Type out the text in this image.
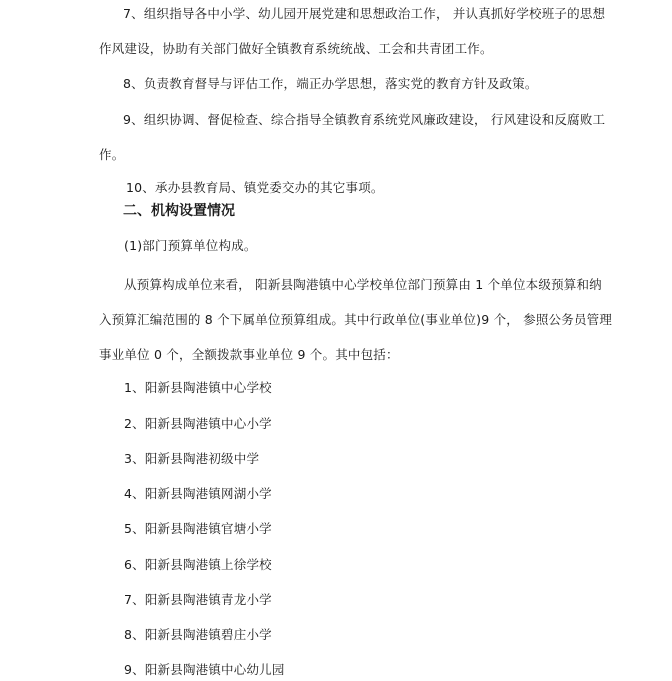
7、组织指导各中小学、幼儿园开展党建和思想政治工作， 并认真抓好学校班子的思想
作风建设，协助有关部门做好全镇教育系统统战、工会和共青团工作。
8、负责教育督导与评估工作，端正办学思想，落实党的教育方针及政策。
9、组织协调、督促检查、综合指导全镇教育系统党风廉政建设， 行风建设和反腐败工
作。
10、承办县教育局、镇党委交办的其它事项。
二、机构设置情况
(1)部门预算单位构成。
从预算构成单位来看， 阳新县陶港镇中心学校单位部门预算由 1 个单位本级预算和纳
入预算汇编范围的 8 个下属单位预算组成。其中行政单位(事业单位)9 个， 参照公务员管理
事业单位 0 个，全额拨款事业单位 9 个。其中包括：
1、阳新县陶港镇中心学校
2、阳新县陶港镇中心小学
3、阳新县陶港初级中学
4、阳新县陶港镇网湖小学
5、阳新县陶港镇官塘小学
6、阳新县陶港镇上徐学校
7、阳新县陶港镇青龙小学
8、阳新县陶港镇碧庄小学
9、阳新县陶港镇中心幼儿园
